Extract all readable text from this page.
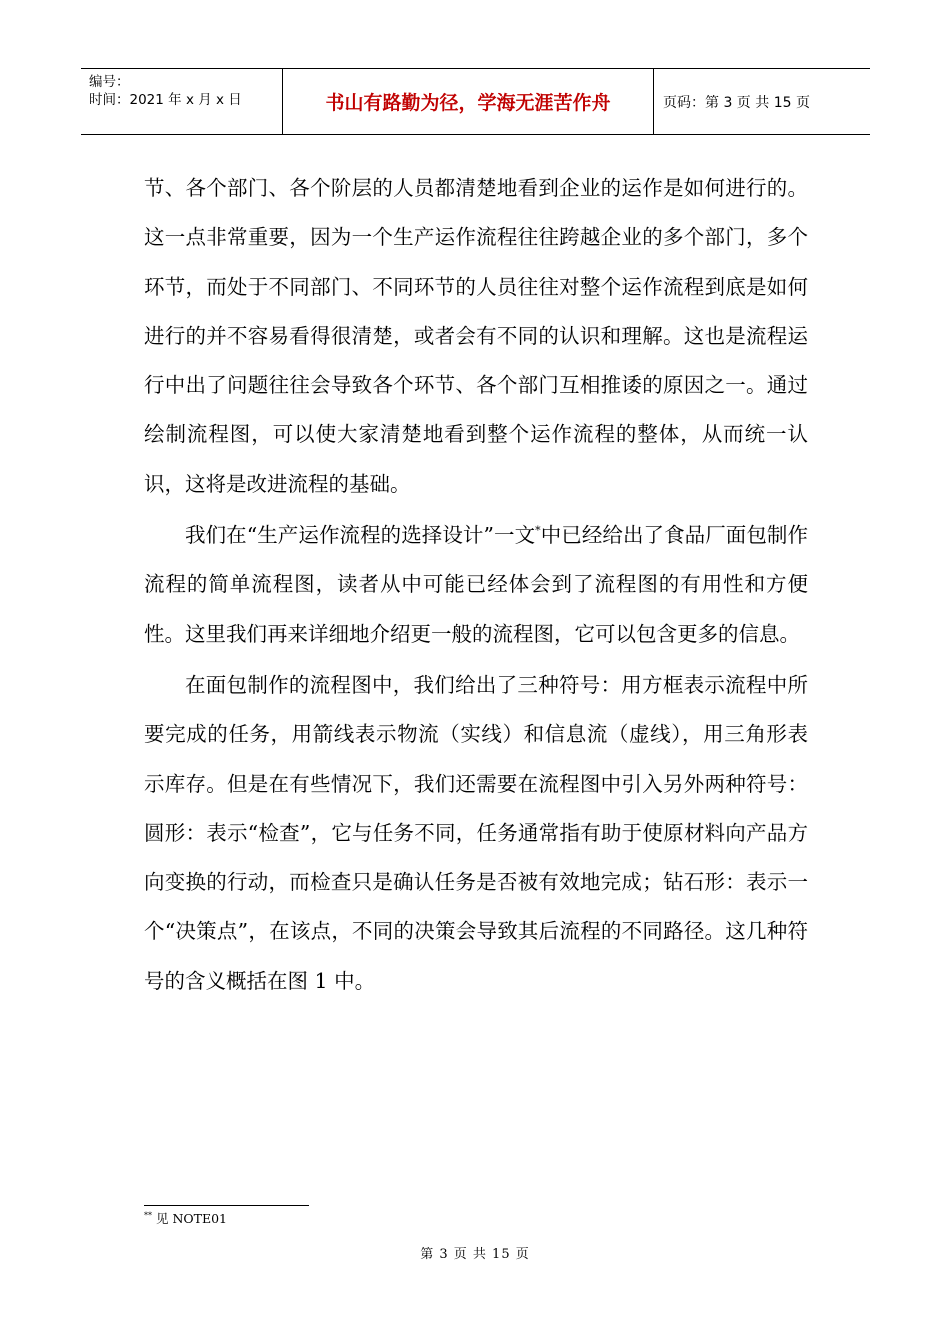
编号：
时间：2021 年 x 月 x 日	书山有路勤为径，学海无涯苦作舟	页码：第 3 页 共 15 页

节、各个部门、各个阶层的人员都清楚地看到企业的运作是如何进行的。这一点非常重要，因为一个生产运作流程往往跨越企业的多个部门，多个环节，而处于不同部门、不同环节的人员往往对整个运作流程到底是如何进行的并不容易看得很清楚，或者会有不同的认识和理解。这也是流程运行中出了问题往往会导致各个环节、各个部门互相推诿的原因之一。通过绘制流程图，可以使大家清楚地看到整个运作流程的整体，从而统一认识，这将是改进流程的基础。

我们在“生产运作流程的选择设计”一文*中已经给出了食品厂面包制作流程的简单流程图，读者从中可能已经体会到了流程图的有用性和方便性。这里我们再来详细地介绍更一般的流程图，它可以包含更多的信息。

在面包制作的流程图中，我们给出了三种符号：用方框表示流程中所要完成的任务，用箭线表示物流（实线）和信息流（虚线），用三角形表示库存。但是在有些情况下，我们还需要在流程图中引入另外两种符号：圆形：表示“检查”，它与任务不同，任务通常指有助于使原材料向产品方向变换的行动，而检查只是确认任务是否被有效地完成；钻石形：表示一个“决策点”，在该点，不同的决策会导致其后流程的不同路径。这几种符号的含义概括在图 1 中。

** 见 NOTE01
第 3 页 共 15 页
